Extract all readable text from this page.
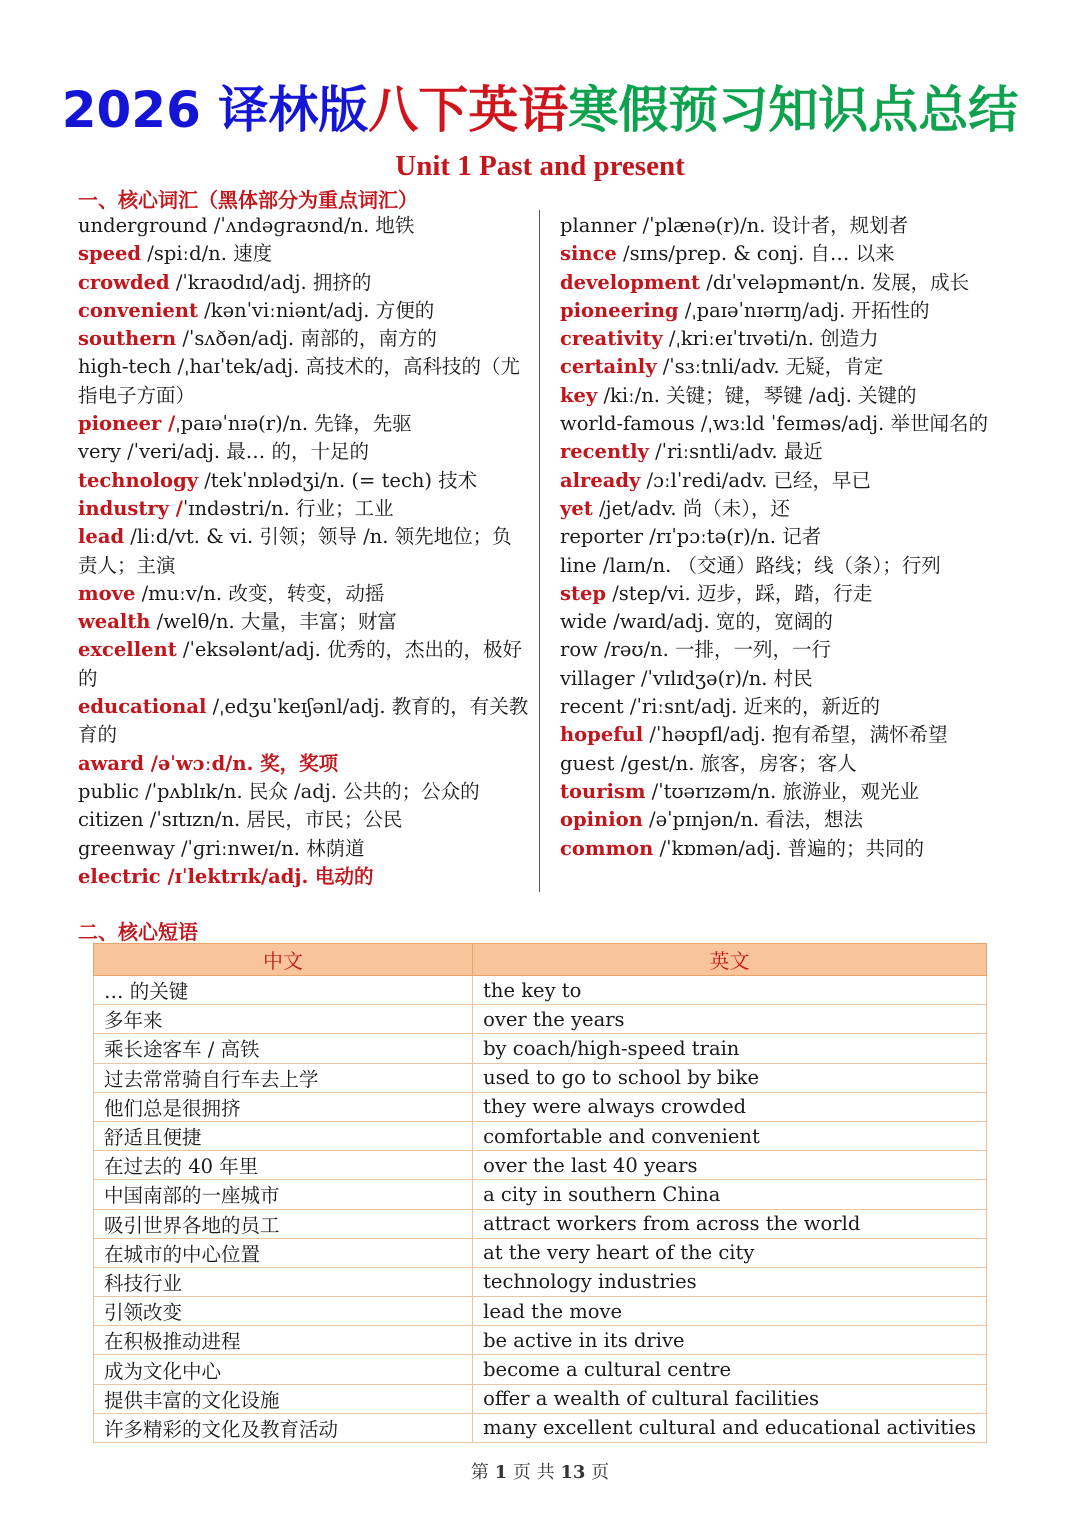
2026 译林版八下英语寒假预习知识点总结
Unit 1 Past and present
一、核心词汇（黑体部分为重点词汇）
underground /ˈʌndəɡraʊnd/n. 地铁
speed /spiːd/n. 速度
crowded /ˈkraʊdɪd/adj. 拥挤的
convenient /kənˈviːniənt/adj. 方便的
southern /ˈsʌðən/adj. 南部的，南方的
high-tech /ˌhaɪˈtek/adj. 高技术的，高科技的（尤指电子方面）
pioneer /ˌpaɪəˈnɪə(r)/n. 先锋，先驱
very /ˈveri/adj. 最… 的，十足的
technology /tekˈnɒlədʒi/n. (= tech) 技术
industry /ˈɪndəstri/n. 行业；工业
lead /liːd/vt. & vi. 引领；领导 /n. 领先地位；负责人；主演
move /muːv/n. 改变，转变，动摇
wealth /welθ/n. 大量，丰富；财富
excellent /ˈeksələnt/adj. 优秀的，杰出的，极好的
educational /ˌedʒuˈkeɪʃənl/adj. 教育的，有关教育的
award /əˈwɔːd/n. 奖，奖项
public /ˈpʌblɪk/n. 民众 /adj. 公共的；公众的
citizen /ˈsɪtɪzn/n. 居民，市民；公民
greenway /ˈɡriːnweɪ/n. 林荫道
electric /ɪˈlektrɪk/adj. 电动的
planner /ˈplænə(r)/n. 设计者，规划者
since /sɪns/prep. & conj. 自… 以来
development /dɪˈveləpmənt/n. 发展，成长
pioneering /ˌpaɪəˈnɪərɪŋ/adj. 开拓性的
creativity /ˌkriːeɪˈtɪvəti/n. 创造力
certainly /ˈsɜːtnli/adv. 无疑，肯定
key /kiː/n. 关键；键，琴键 /adj. 关键的
world-famous /ˌwɜːld ˈfeɪməs/adj. 举世闻名的
recently /ˈriːsntli/adv. 最近
already /ɔːlˈredi/adv. 已经，早已
yet /jet/adv. 尚（未），还
reporter /rɪˈpɔːtə(r)/n. 记者
line /laɪn/n. （交通）路线；线（条）；行列
step /step/vi. 迈步，踩，踏，行走
wide /waɪd/adj. 宽的，宽阔的
row /rəʊ/n. 一排，一列，一行
villager /ˈvɪlɪdʒə(r)/n. 村民
recent /ˈriːsnt/adj. 近来的，新近的
hopeful /ˈhəʊpfl/adj. 抱有希望，满怀希望
guest /ɡest/n. 旅客，房客；客人
tourism /ˈtʊərɪzəm/n. 旅游业，观光业
opinion /əˈpɪnjən/n. 看法，想法
common /ˈkɒmən/adj. 普遍的；共同的
二、核心短语
中文	英文
… 的关键	the key to
多年来	over the years
乘长途客车 / 高铁	by coach/high-speed train
过去常常骑自行车去上学	used to go to school by bike
他们总是很拥挤	they were always crowded
舒适且便捷	comfortable and convenient
在过去的 40 年里	over the last 40 years
中国南部的一座城市	a city in southern China
吸引世界各地的员工	attract workers from across the world
在城市的中心位置	at the very heart of the city
科技行业	technology industries
引领改变	lead the move
在积极推动进程	be active in its drive
成为文化中心	become a cultural centre
提供丰富的文化设施	offer a wealth of cultural facilities
许多精彩的文化及教育活动	many excellent cultural and educational activities
第 1 页 共 13 页
